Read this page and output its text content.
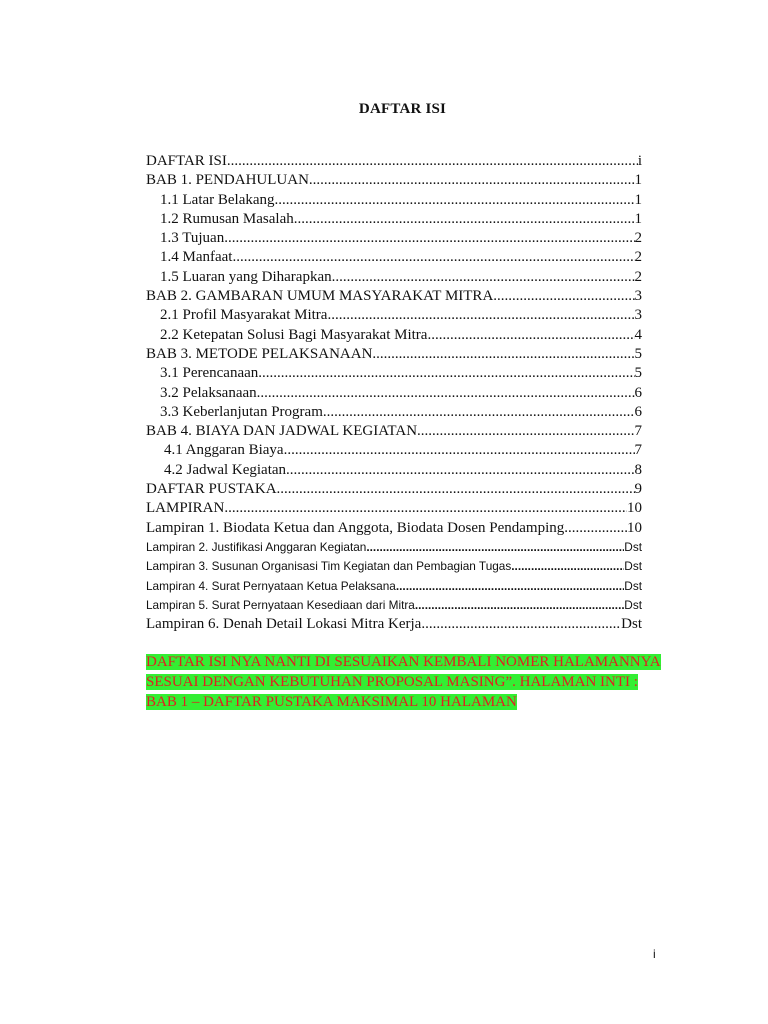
DAFTAR ISI
DAFTAR ISI .....	i
BAB 1. PENDAHULUAN .....	1
1.1 Latar Belakang .....	1
1.2 Rumusan Masalah .....	1
1.3 Tujuan .....	2
1.4 Manfaat .....	2
1.5 Luaran yang Diharapkan .....	2
BAB 2. GAMBARAN UMUM MASYARAKAT MITRA .....	3
2.1 Profil Masyarakat Mitra .....	3
2.2 Ketepatan Solusi Bagi Masyarakat Mitra .....	4
BAB 3. METODE PELAKSANAAN .....	5
3.1 Perencanaan .....	5
3.2 Pelaksanaan .....	6
3.3 Keberlanjutan Program .....	6
BAB 4. BIAYA DAN JADWAL KEGIATAN .....	7
4.1 Anggaran Biaya .....	7
4.2 Jadwal Kegiatan .....	8
DAFTAR PUSTAKA .....	9
LAMPIRAN .....	10
Lampiran 1. Biodata Ketua dan Anggota, Biodata Dosen Pendamping .....	10
Lampiran 2. Justifikasi Anggaran Kegiatan .....	Dst
Lampiran 3. Susunan Organisasi Tim Kegiatan dan Pembagian Tugas .....	Dst
Lampiran 4. Surat Pernyataan Ketua Pelaksana .....	Dst
Lampiran 5. Surat Pernyataan Kesediaan dari Mitra .....	Dst
Lampiran 6. Denah Detail Lokasi Mitra Kerja .....	Dst
DAFTAR ISI NYA NANTI DI SESUAIKAN KEMBALI NOMER HALAMANNYA SESUAI DENGAN KEBUTUHAN PROPOSAL MASING”. HALAMAN INTI : BAB 1 – DAFTAR PUSTAKA MAKSIMAL 10 HALAMAN
i
